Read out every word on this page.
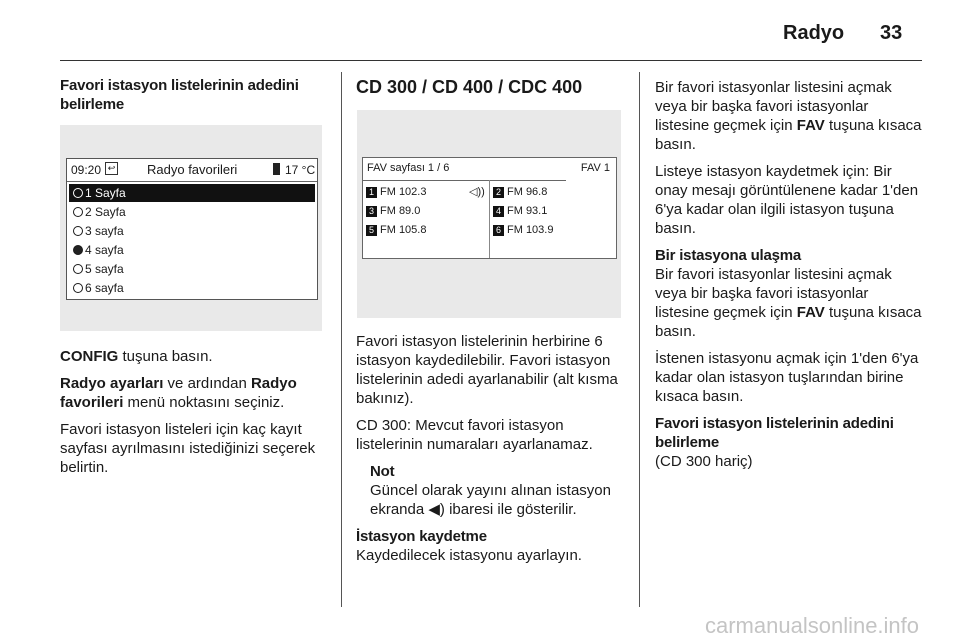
Radyo 33

Favori istasyon listelerinin adedini belirleme

09:20 ↩ Radyo favorileri	17 °C
1 Sayfa
2 Sayfa
3 sayfa
4 sayfa
5 sayfa
6 sayfa

CONFIG tuşuna basın.

Radyo ayarları ve ardından Radyo favorileri menü noktasını seçiniz.

Favori istasyon listeleri için kaç kayıt sayfası ayrılmasını istediğinizi seçerek belirtin.

CD 300 / CD 400 / CDC 400

FAV sayfası 1 / 6	FAV 1
1 FM 102.3	◁))	2 FM 96.8
3 FM 89.0	4 FM 93.1
5 FM 105.8	6 FM 103.9

Favori istasyon listelerinin herbirine 6 istasyon kaydedilebilir. Favori istasyon listelerinin adedi ayarlanabilir (alt kısma bakınız).

CD 300: Mevcut favori istasyon listelerinin numaraları ayarlanamaz.

Not

Güncel olarak yayını alınan istasyon ekranda ◀) ibaresi ile gösterilir.

İstasyon kaydetme

Kaydedilecek istasyonu ayarlayın.

Bir favori istasyonlar listesini açmak veya bir başka favori istasyonlar listesine geçmek için FAV tuşuna kısaca basın.

Listeye istasyon kaydetmek için: Bir onay mesajı görüntülenene kadar 1'den 6'ya kadar olan ilgili istasyon tuşuna basın.

Bir istasyona ulaşma

Bir favori istasyonlar listesini açmak veya bir başka favori istasyonlar listesine geçmek için FAV tuşuna kısaca basın.

İstenen istasyonu açmak için 1'den 6'ya kadar olan istasyon tuşlarından birine kısaca basın.

Favori istasyon listelerinin adedini belirleme

(CD 300 hariç)

carmanualsonline.info
